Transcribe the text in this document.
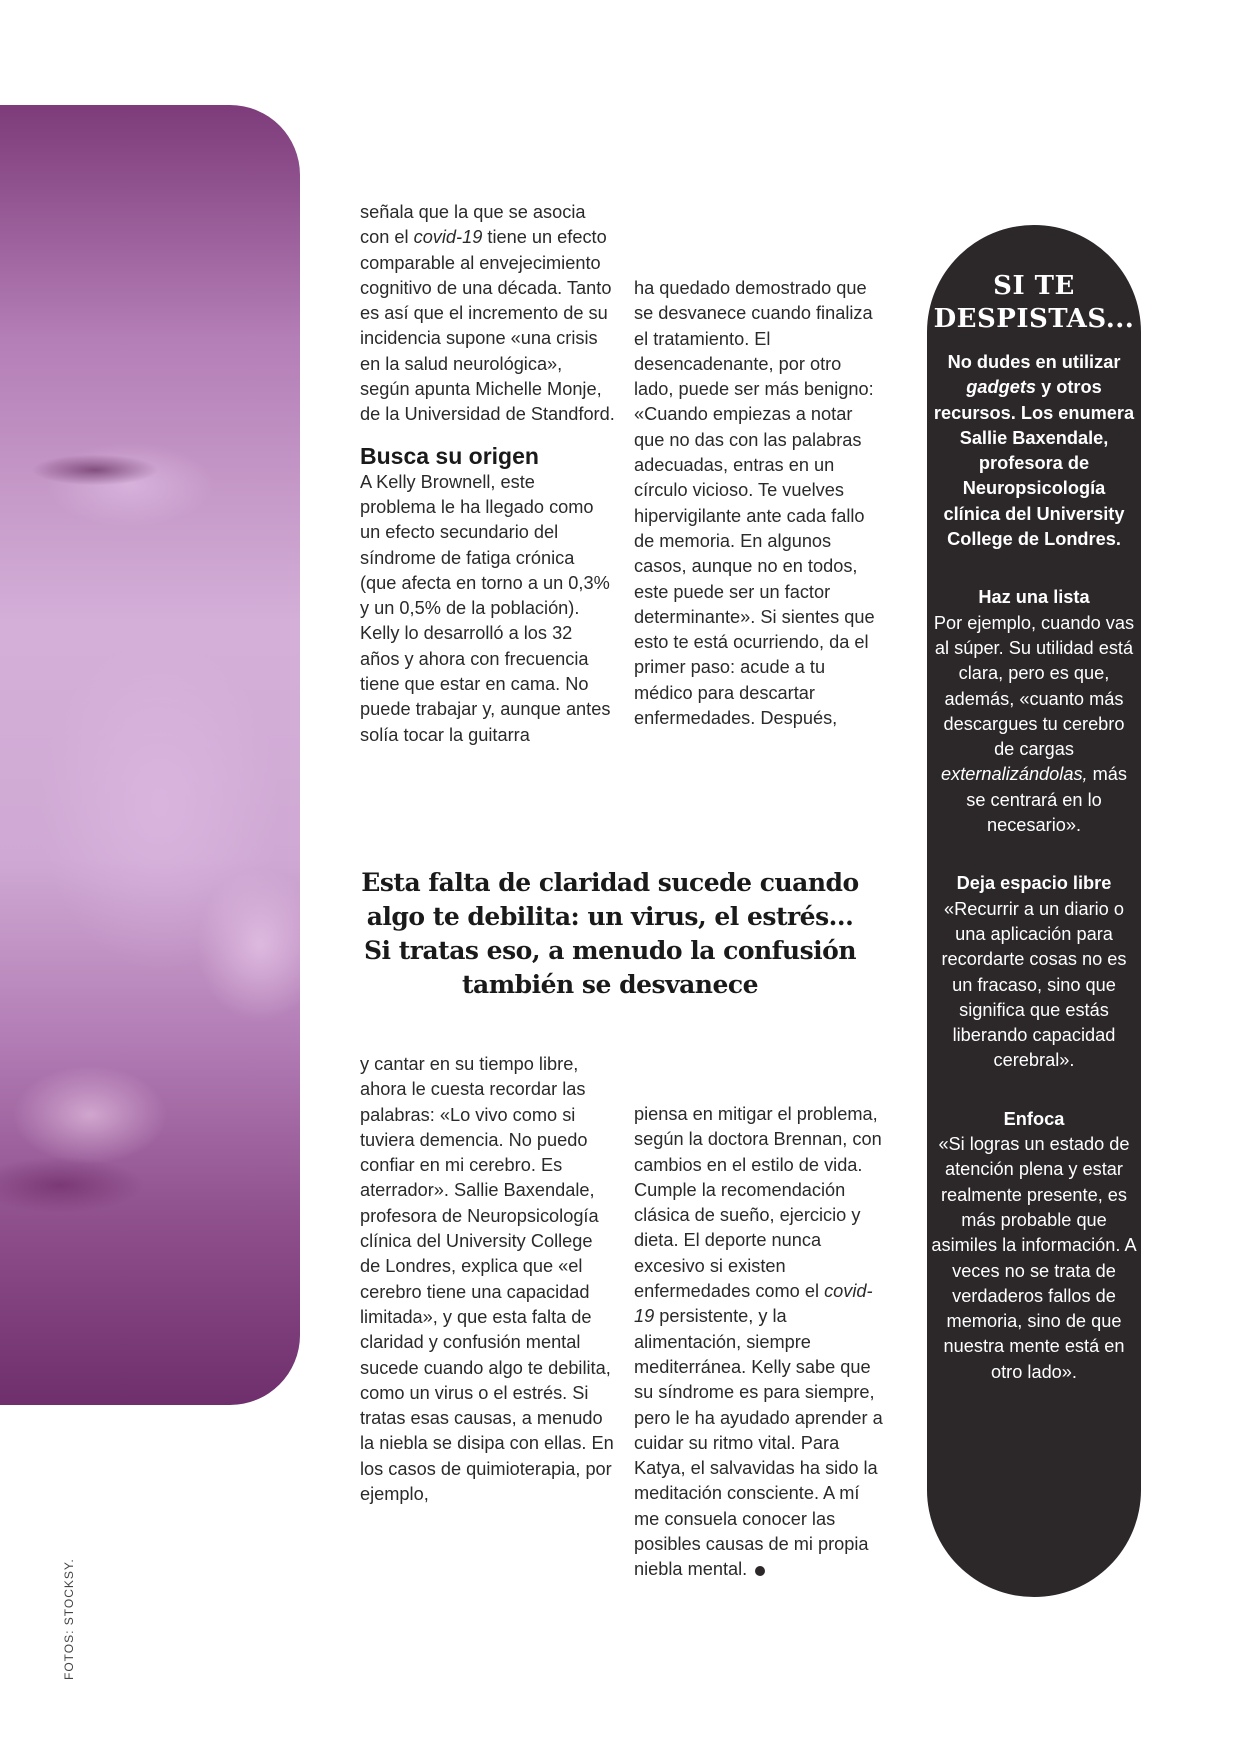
señala que la que se asocia con el covid-19 tiene un efecto comparable al envejecimiento cognitivo de una década. Tanto es así que el incremento de su incidencia supone «una crisis en la salud neurológica», según apunta Michelle Monje, de la Universidad de Standford.

Busca su origen

A Kelly Brownell, este problema le ha llegado como un efecto secundario del síndrome de fatiga crónica (que afecta en torno a un 0,3% y un 0,5% de la población). Kelly lo desarrolló a los 32 años y ahora con frecuencia tiene que estar en cama. No puede trabajar y, aunque antes solía tocar la guitarra

ha quedado demostrado que se desvanece cuando finaliza el tratamiento. El desencadenante, por otro lado, puede ser más benigno: «Cuando empiezas a notar que no das con las palabras adecuadas, entras en un círculo vicioso. Te vuelves hipervigilante ante cada fallo de memoria. En algunos casos, aunque no en todos, este puede ser un factor determinante». Si sientes que esto te está ocurriendo, da el primer paso: acude a tu médico para descartar enfermedades. Después,

Esta falta de claridad sucede cuando algo te debilita: un virus, el estrés... Si tratas eso, a menudo la confusión también se desvanece

y cantar en su tiempo libre, ahora le cuesta recordar las palabras: «Lo vivo como si tuviera demencia. No puedo confiar en mi cerebro. Es aterrador». Sallie Baxendale, profesora de Neuropsicología clínica del University College de Londres, explica que «el cerebro tiene una capacidad limitada», y que esta falta de claridad y confusión mental sucede cuando algo te debilita, como un virus o el estrés. Si tratas esas causas, a menudo la niebla se disipa con ellas. En los casos de quimioterapia, por ejemplo,

piensa en mitigar el problema, según la doctora Brennan, con cambios en el estilo de vida. Cumple la recomendación clásica de sueño, ejercicio y dieta. El deporte nunca excesivo si existen enfermedades como el covid-19 persistente, y la alimentación, siempre mediterránea. Kelly sabe que su síndrome es para siempre, pero le ha ayudado aprender a cuidar su ritmo vital. Para Katya, el salvavidas ha sido la meditación consciente. A mí me consuela conocer las posibles causas de mi propia niebla mental.

SI TE DESPISTAS...

No dudes en utilizar gadgets y otros recursos. Los enumera Sallie Baxendale, profesora de Neuropsicología clínica del University College de Londres.

Haz una lista

Por ejemplo, cuando vas al súper. Su utilidad está clara, pero es que, además, «cuanto más descargues tu cerebro de cargas externalizándolas, más se centrará en lo necesario».

Deja espacio libre

«Recurrir a un diario o una aplicación para recordarte cosas no es un fracaso, sino que significa que estás liberando capacidad cerebral».

Enfoca

«Si logras un estado de atención plena y estar realmente presente, es más probable que asimiles la información. A veces no se trata de verdaderos fallos de memoria, sino de que nuestra mente está en otro lado».

FOTOS: STOCKSY.
